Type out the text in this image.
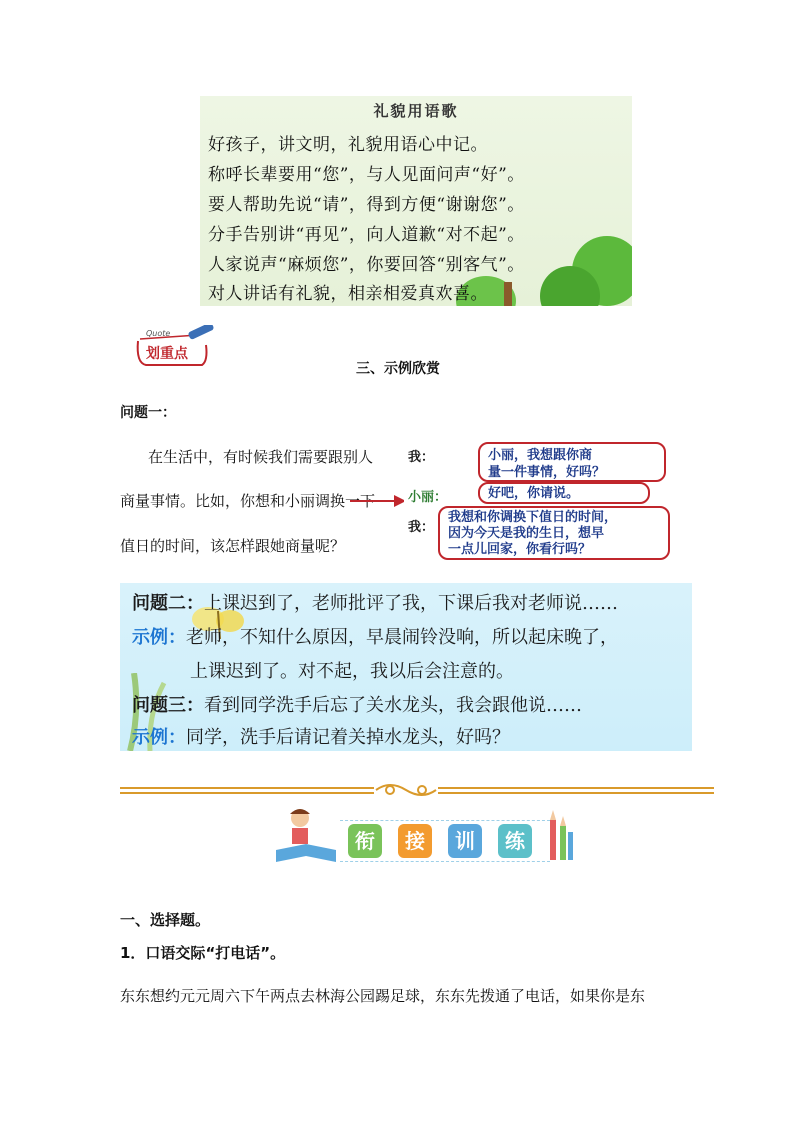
礼貌用语歌
好孩子，讲文明，礼貌用语心中记。
称呼长辈要用“您”，与人见面问声“好”。
要人帮助先说“请”，得到方便“谢谢您”。
分手告别讲“再见”，向人道歉“对不起”。
人家说声“麻烦您”，你要回答“别客气”。
对人讲话有礼貌，相亲相爱真欢喜。
Quote
划重点
三、示例欣赏
问题一：
在生活中，有时候我们需要跟别人
商量事情。比如，你想和小丽调换一下
值日的时间，该怎样跟她商量呢？
我：	小丽，我想跟你商
量一件事情，好吗？
小丽：	好吧，你请说。
我：
我想和你调换下值日的时间，
因为今天是我的生日，想早
一点儿回家，你看行吗？
问题二：上课迟到了，老师批评了我，下课后我对老师说……
示例：老师，不知什么原因，早晨闹铃没响，所以起床晚了，
上课迟到了。对不起，我以后会注意的。
问题三：看到同学洗手后忘了关水龙头，我会跟他说……
示例：同学，洗手后请记着关掉水龙头，好吗？
衔	接	训	练
一、选择题。
1．口语交际“打电话”。
东东想约元元周六下午两点去林海公园踢足球，东东先拨通了电话，如果你是东
